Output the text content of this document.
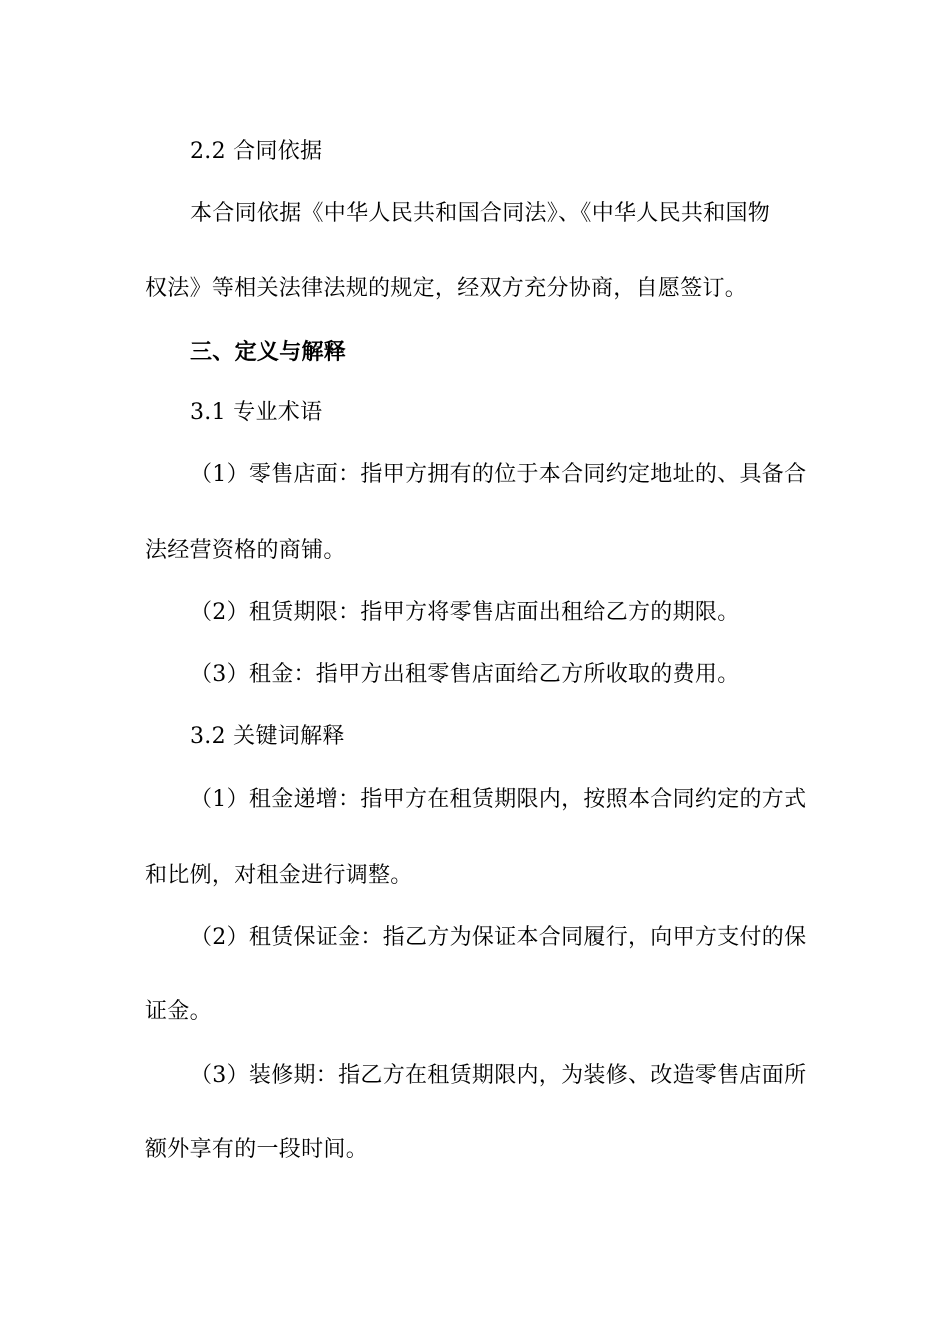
2.2 合同依据
本合同依据《中华人民共和国合同法》、《中华人民共和国物
权法》等相关法律法规的规定，经双方充分协商，自愿签订。
三、定义与解释
3.1 专业术语
（1）零售店面：指甲方拥有的位于本合同约定地址的、具备合
法经营资格的商铺。
（2）租赁期限：指甲方将零售店面出租给乙方的期限。
（3）租金：指甲方出租零售店面给乙方所收取的费用。
3.2 关键词解释
（1）租金递增：指甲方在租赁期限内，按照本合同约定的方式
和比例，对租金进行调整。
（2）租赁保证金：指乙方为保证本合同履行，向甲方支付的保
证金。
（3）装修期：指乙方在租赁期限内，为装修、改造零售店面所
额外享有的一段时间。
